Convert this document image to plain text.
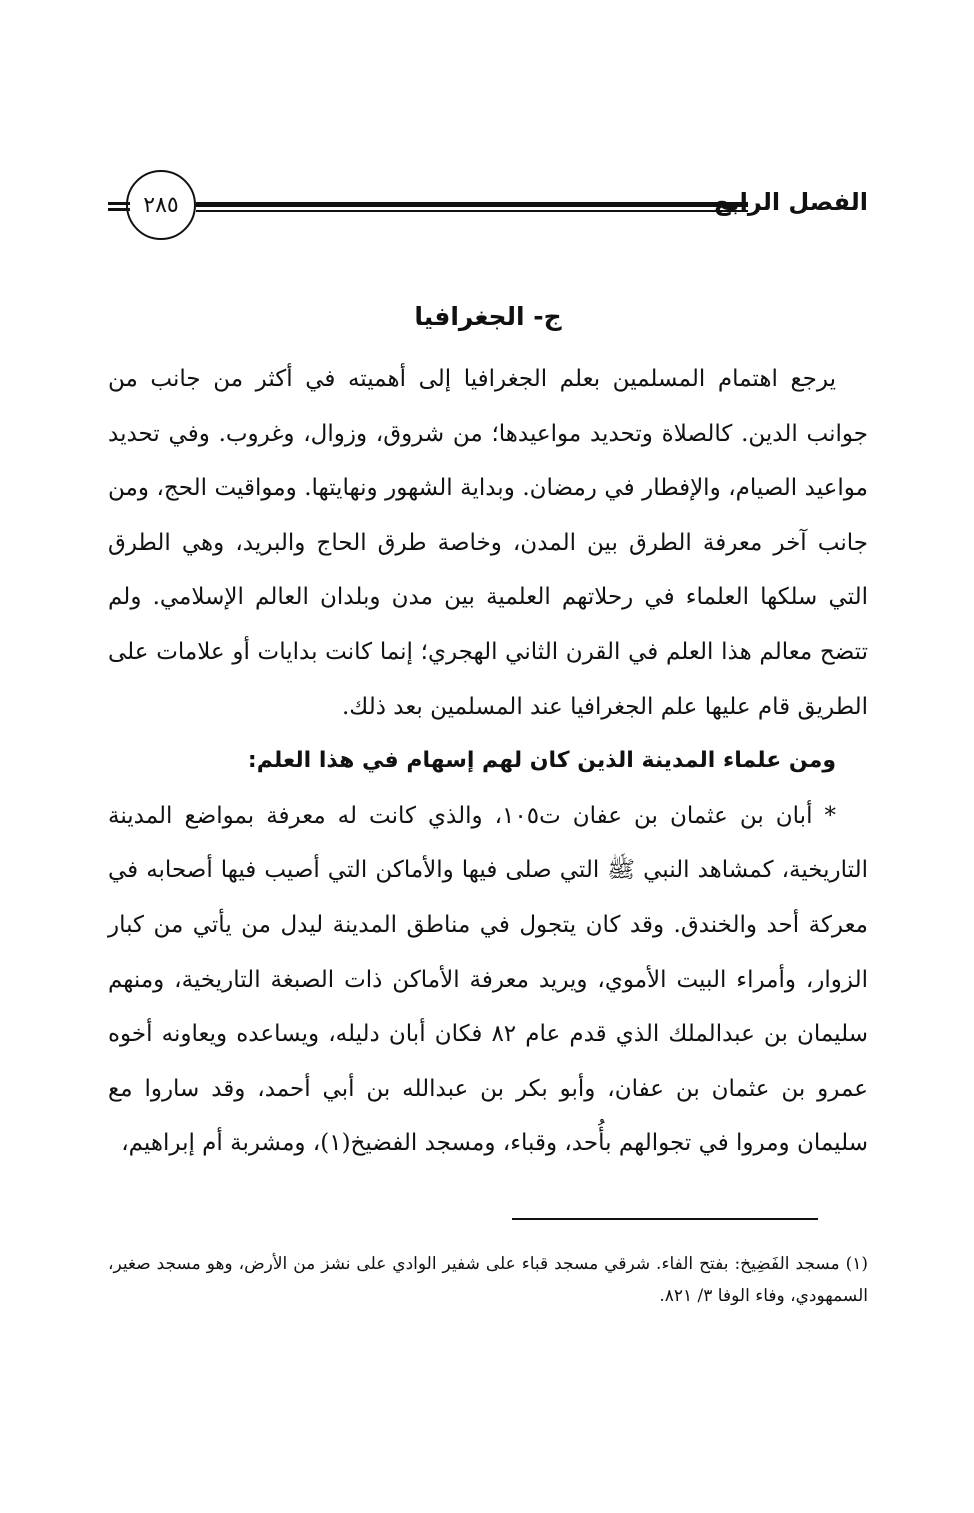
٢٨٥	الفصل الرابع
ج- الجغرافيا

يرجع اهتمام المسلمين بعلم الجغرافيا إلى أهميته في أكثر من جانب من جوانب الدين. كالصلاة وتحديد مواعيدها؛ من شروق، وزوال، وغروب. وفي تحديد مواعيد الصيام، والإفطار في رمضان. وبداية الشهور ونهايتها. ومواقيت الحج، ومن جانب آخر معرفة الطرق بين المدن، وخاصة طرق الحاج والبريد، وهي الطرق التي سلكها العلماء في رحلاتهم العلمية بين مدن وبلدان العالم الإسلامي. ولم تتضح معالم هذا العلم في القرن الثاني الهجري؛ إنما كانت بدايات أو علامات على الطريق قام عليها علم الجغرافيا عند المسلمين بعد ذلك.

ومن علماء المدينة الذين كان لهم إسهام في هذا العلم:

* أبان بن عثمان بن عفان ت١٠٥، والذي كانت له معرفة بمواضع المدينة التاريخية، كمشاهد النبي ﷺ التي صلى فيها والأماكن التي أصيب فيها أصحابه في معركة أحد والخندق. وقد كان يتجول في مناطق المدينة ليدل من يأتي من كبار الزوار، وأمراء البيت الأموي، ويريد معرفة الأماكن ذات الصبغة التاريخية، ومنهم سليمان بن عبدالملك الذي قدم عام ٨٢ فكان أبان دليله، ويساعده ويعاونه أخوه عمرو بن عثمان بن عفان، وأبو بكر بن عبدالله بن أبي أحمد، وقد ساروا مع سليمان ومروا في تجوالهم بأُحد، وقباء، ومسجد الفضيخ(١)، ومشربة أم إبراهيم،

(١) مسجد الفَضِيخ: بفتح الفاء. شرقي مسجد قباء على شفير الوادي على نشز من الأرض، وهو مسجد صغير، السمهودي، وفاء الوفا ٣/ ٨٢١.
